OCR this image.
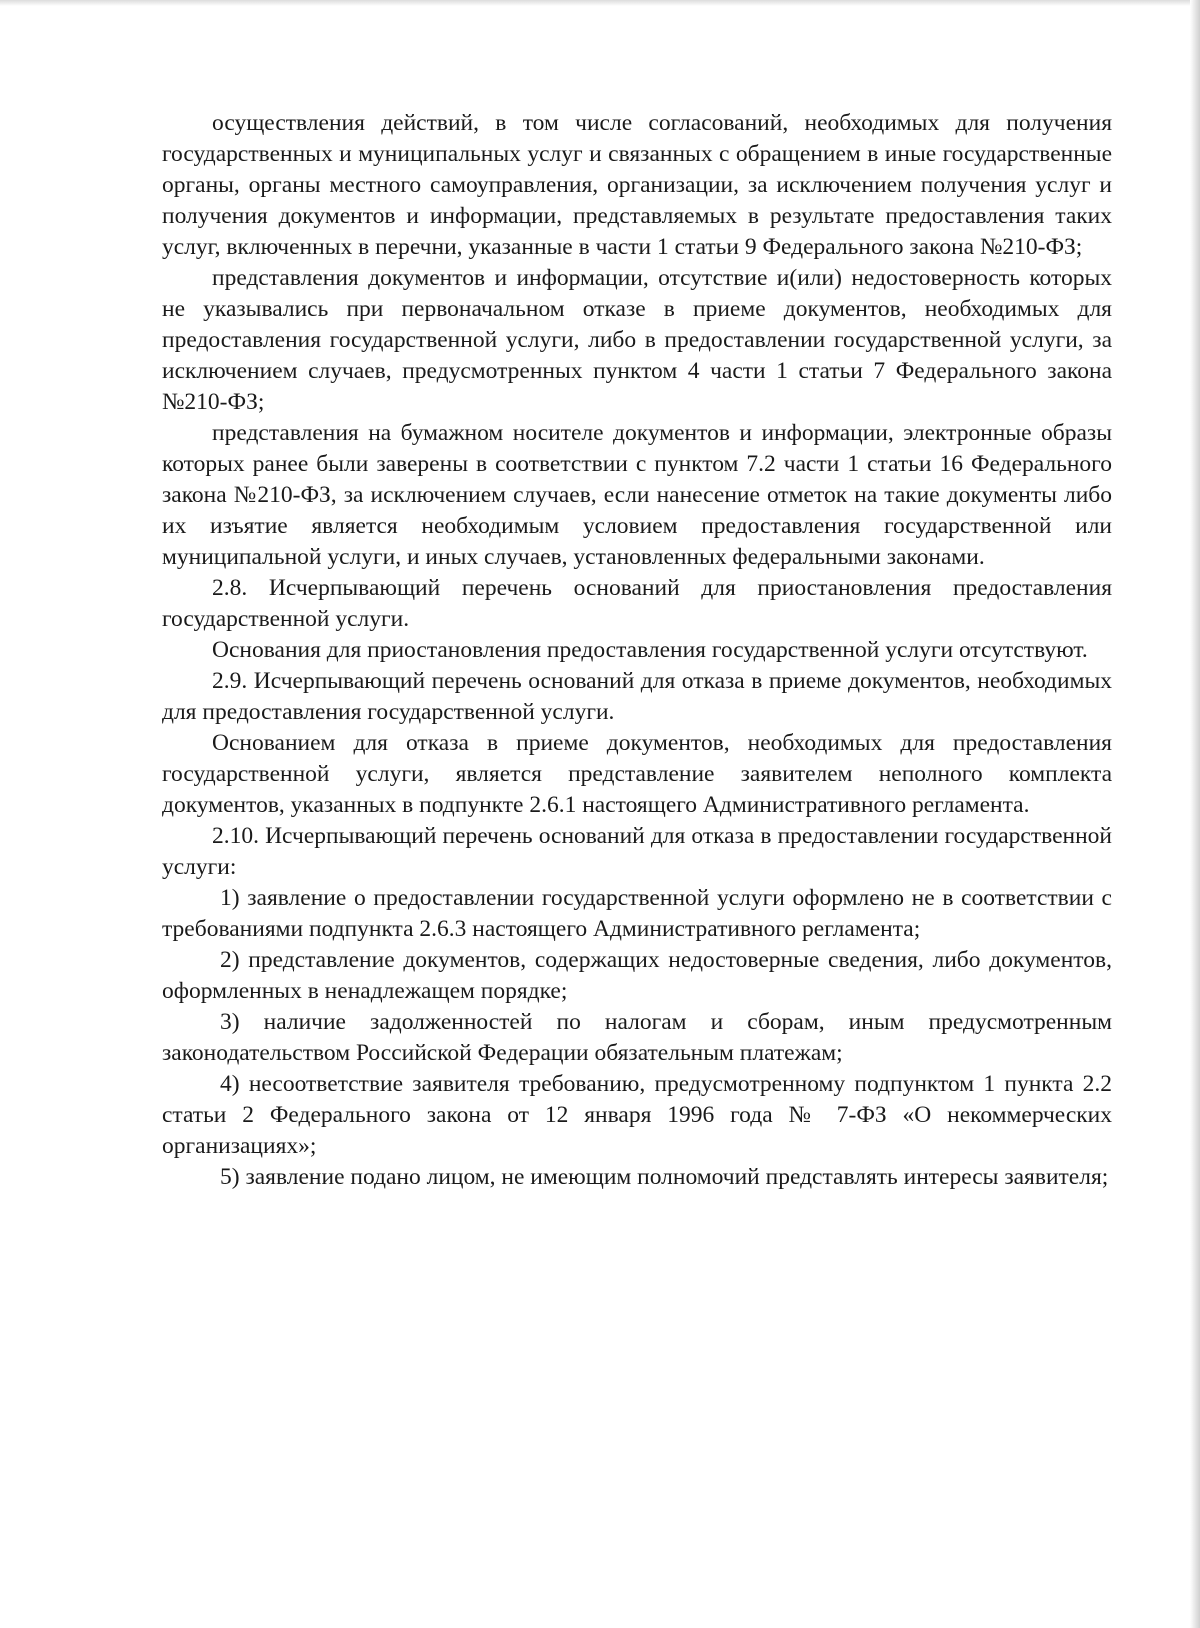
осуществления действий, в том числе согласований, необходимых для получения государственных и муниципальных услуг и связанных с обращением в иные государственные органы, органы местного самоуправления, организации, за исключением получения услуг и получения документов и информации, представляемых в результате предоставления таких услуг, включенных в перечни, указанные в части 1 статьи 9 Федерального закона №210-ФЗ;

представления документов и информации, отсутствие и(или) недостоверность которых не указывались при первоначальном отказе в приеме документов, необходимых для предоставления государственной услуги, либо в предоставлении государственной услуги, за исключением случаев, предусмотренных пунктом 4 части 1 статьи 7 Федерального закона №210-ФЗ;

представления на бумажном носителе документов и информации, электронные образы которых ранее были заверены в соответствии с пунктом 7.2 части 1 статьи 16 Федерального закона №210-ФЗ, за исключением случаев, если нанесение отметок на такие документы либо их изъятие является необходимым условием предоставления государственной или муниципальной услуги, и иных случаев, установленных федеральными законами.

2.8. Исчерпывающий перечень оснований для приостановления предоставления государственной услуги.

Основания для приостановления предоставления государственной услуги отсутствуют.

2.9. Исчерпывающий перечень оснований для отказа в приеме документов, необходимых для предоставления государственной услуги.

Основанием для отказа в приеме документов, необходимых для предоставления государственной услуги, является представление заявителем неполного комплекта документов, указанных в подпункте 2.6.1 настоящего Административного регламента.

2.10. Исчерпывающий перечень оснований для отказа в предоставлении государственной услуги:

1) заявление о предоставлении государственной услуги оформлено не в соответствии с требованиями подпункта 2.6.3 настоящего Административного регламента;

2) представление документов, содержащих недостоверные сведения, либо документов, оформленных в ненадлежащем порядке;

3) наличие задолженностей по налогам и сборам, иным предусмотренным законодательством Российской Федерации обязательным платежам;

4) несоответствие заявителя требованию, предусмотренному подпунктом 1 пункта 2.2 статьи 2 Федерального закона от 12 января 1996 года № 7-ФЗ «О некоммерческих организациях»;

5) заявление подано лицом, не имеющим полномочий представлять интересы заявителя;
